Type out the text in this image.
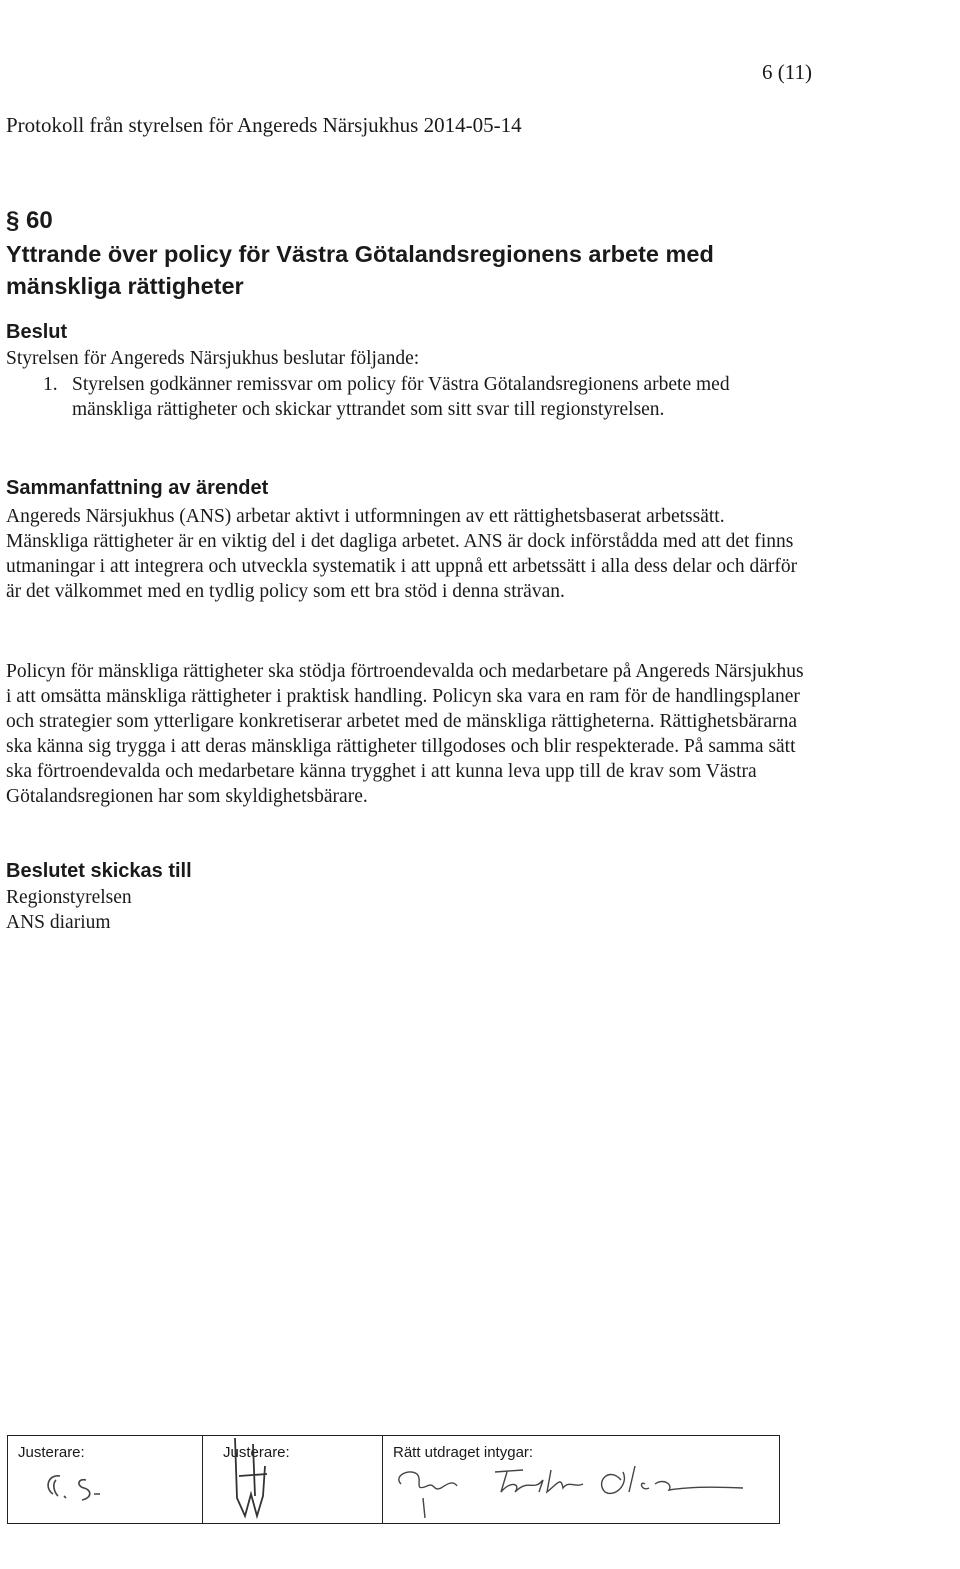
6 (11)
Protokoll från styrelsen för Angereds Närsjukhus 2014-05-14
§ 60
Yttrande över policy för Västra Götalandsregionens arbete med mänskliga rättigheter
Beslut
Styrelsen för Angereds Närsjukhus beslutar följande:
1. Styrelsen godkänner remissvar om policy för Västra Götalandsregionens arbete med mänskliga rättigheter och skickar yttrandet som sitt svar till regionstyrelsen.
Sammanfattning av ärendet

Angereds Närsjukhus (ANS) arbetar aktivt i utformningen av ett rättighetsbaserat arbetssätt. Mänskliga rättigheter är en viktig del i det dagliga arbetet. ANS är dock införstådda med att det finns utmaningar i att integrera och utveckla systematik i att uppnå ett arbetssätt i alla dess delar och därför är det välkommet med en tydlig policy som ett bra stöd i denna strävan.

Policyn för mänskliga rättigheter ska stödja förtroendevalda och medarbetare på Angereds Närsjukhus i att omsätta mänskliga rättigheter i praktisk handling. Policyn ska vara en ram för de handlingsplaner och strategier som ytterligare konkretiserar arbetet med de mänskliga rättigheterna. Rättighetsbärarna ska känna sig trygga i att deras mänskliga rättigheter tillgodoses och blir respekterade. På samma sätt ska förtroendevalda och medarbetare känna trygghet i att kunna leva upp till de krav som Västra Götalandsregionen har som skyldighetsbärare.

Beslutet skickas till
Regionstyrelsen
ANS diarium
Justerare:	Justerare:	Rätt utdraget intygar:
